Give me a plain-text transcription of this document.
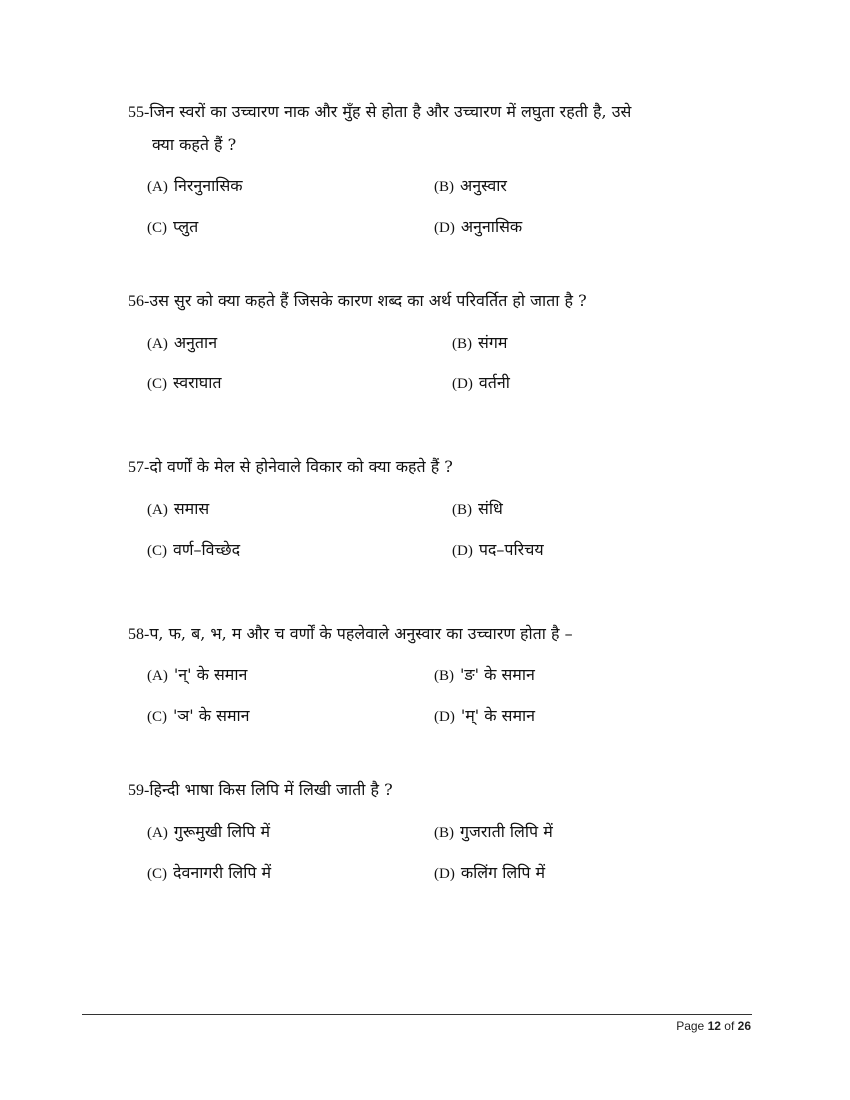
55-जिन स्वरों का उच्चारण नाक और मुँह से होता है और उच्चारण में लघुता रहती है, उसे
क्या कहते हैं ?
(A) निरनुनासिक	(B) अनुस्वार
(C) प्लुत	(D) अनुनासिक
56-उस सुर को क्या कहते हैं जिसके कारण शब्द का अर्थ परिवर्तित हो जाता है ?
(A) अनुतान	(B) संगम
(C) स्वराघात	(D) वर्तनी
57-दो वर्णों के मेल से होनेवाले विकार को क्या कहते हैं ?
(A) समास	(B) संधि
(C) वर्ण–विच्छेद	(D) पद–परिचय
58-प, फ, ब, भ, म और च वर्णों के पहलेवाले अनुस्वार का उच्चारण होता है –
(A) 'न्' के समान	(B) 'ङ' के समान
(C) 'ञ' के समान	(D) 'म्' के समान
59-हिन्दी भाषा किस लिपि में लिखी जाती है ?
(A) गुरूमुखी लिपि में	(B) गुजराती लिपि में
(C) देवनागरी लिपि में	(D) कलिंग लिपि में
Page 12 of 26
